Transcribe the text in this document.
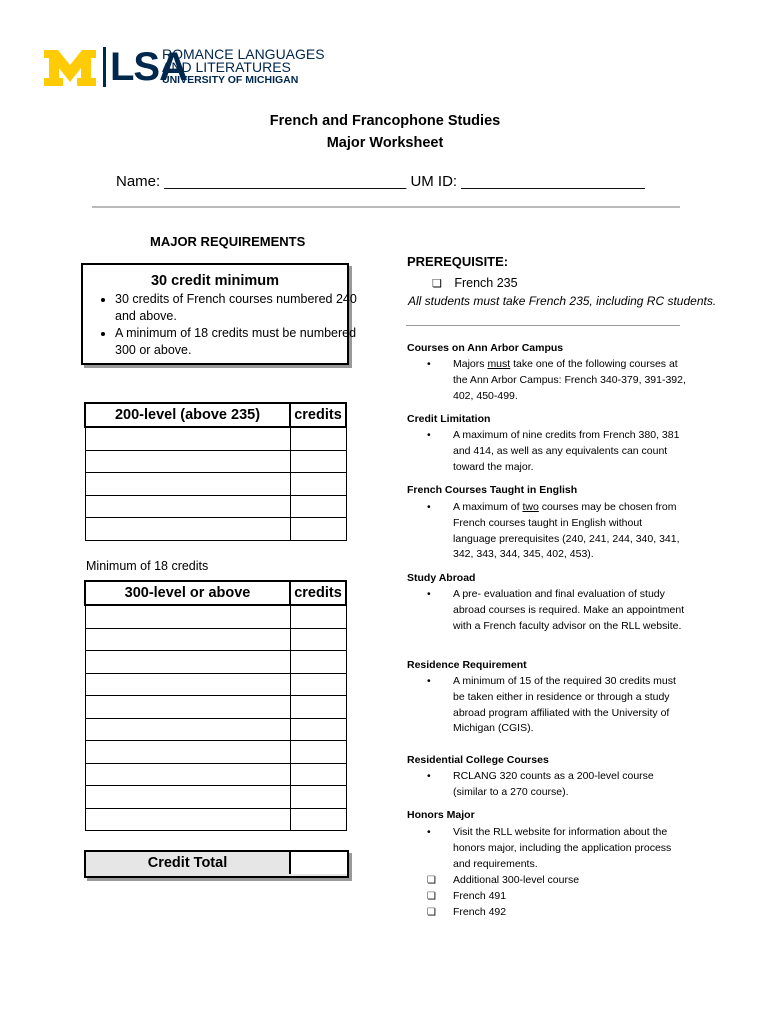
LSA
ROMANCE LANGUAGES
AND LITERATURES
UNIVERSITY OF MICHIGAN
French and Francophone Studies
Major Worksheet
Name: _____________________________ UM ID: ______________________
MAJOR REQUIREMENTS
30 credit minimum
• 30 credits of French courses numbered 240 and above.
• A minimum of 18 credits must be numbered 300 or above.
200-level (above 235)	credits

Minimum of 18 credits
300-level or above	credits

Credit Total
PREREQUISITE:
❏ French 235
All students must take French 235, including RC students.
Courses on Ann Arbor Campus
• Majors must take one of the following courses at the Ann Arbor Campus: French 340-379, 391-392, 402, 450-499.
Credit Limitation
• A maximum of nine credits from French 380, 381 and 414, as well as any equivalents can count toward the major.
French Courses Taught in English
• A maximum of two courses may be chosen from French courses taught in English without language prerequisites (240, 241, 244, 340, 341, 342, 343, 344, 345, 402, 453).
Study Abroad
• A pre- evaluation and final evaluation of study abroad courses is required. Make an appointment with a French faculty advisor on the RLL website.
Residence Requirement
• A minimum of 15 of the required 30 credits must be taken either in residence or through a study abroad program affiliated with the University of Michigan (CGIS).
Residential College Courses
• RCLANG 320 counts as a 200-level course (similar to a 270 course).
Honors Major
• Visit the RLL website for information about the honors major, including the application process and requirements.
❏ Additional 300-level course
❏ French 491
❏ French 492
